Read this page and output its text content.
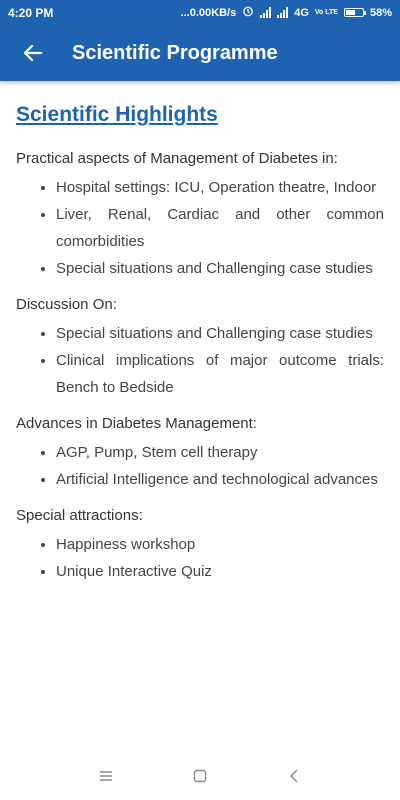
4:20 PM	...0.00KB/s	4G Vo LTE	58%
Scientific Programme
Scientific Highlights

Practical aspects of Management of Diabetes in:

• Hospital settings: ICU, Operation theatre, Indoor
• Liver, Renal, Cardiac and other common comorbidities
• Special situations and Challenging case studies

Discussion On:

• Special situations and Challenging case studies
• Clinical implications of major outcome trials: Bench to Bedside

Advances in Diabetes Management:

• AGP, Pump, Stem cell therapy
• Artificial Intelligence and technological advances

Special attractions:

• Happiness workshop
• Unique Interactive Quiz
